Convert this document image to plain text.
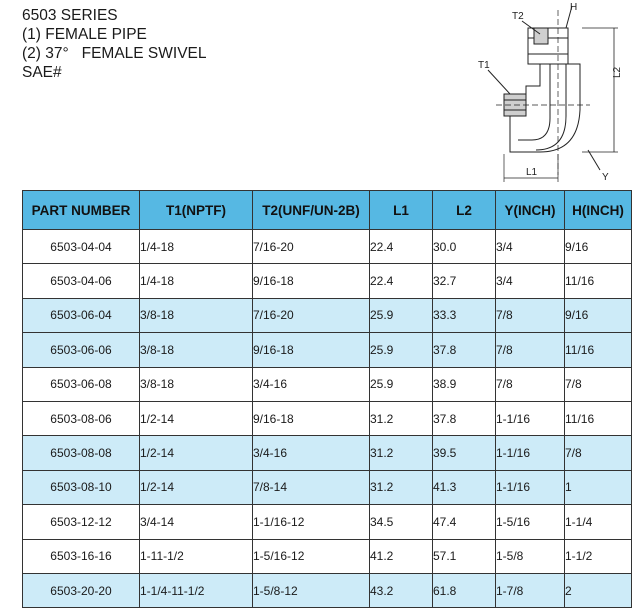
6503 SERIES
(1) FEMALE PIPE
(2) 37°   FEMALE SWIVEL
SAE#
T2
H
T1
L2
L1	Y
PART NUMBER	T1(NPTF)	T2(UNF/UN-2B)	L1	L2	Y(INCH)	H(INCH)
6503-04-04	1/4-18	7/16-20	22.4	30.0	3/4	9/16
6503-04-06	1/4-18	9/16-18	22.4	32.7	3/4	11/16
6503-06-04	3/8-18	7/16-20	25.9	33.3	7/8	9/16
6503-06-06	3/8-18	9/16-18	25.9	37.8	7/8	11/16
6503-06-08	3/8-18	3/4-16	25.9	38.9	7/8	7/8
6503-08-06	1/2-14	9/16-18	31.2	37.8	1-1/16	11/16
6503-08-08	1/2-14	3/4-16	31.2	39.5	1-1/16	7/8
6503-08-10	1/2-14	7/8-14	31.2	41.3	1-1/16	1
6503-12-12	3/4-14	1-1/16-12	34.5	47.4	1-5/16	1-1/4
6503-16-16	1-11-1/2	1-5/16-12	41.2	57.1	1-5/8	1-1/2
6503-20-20	1-1/4-11-1/2	1-5/8-12	43.2	61.8	1-7/8	2
